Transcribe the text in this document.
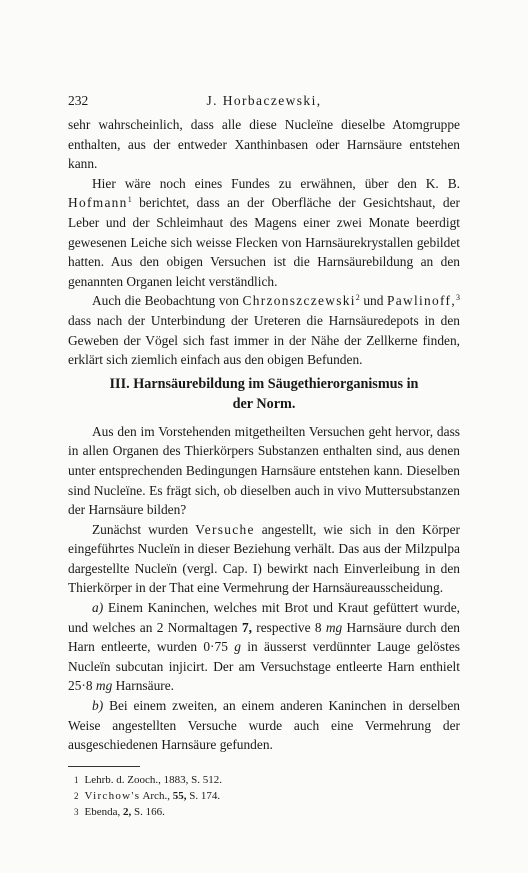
232	J. Horbaczewski,

sehr wahrscheinlich, dass alle diese Nucleïne dieselbe Atomgruppe enthalten, aus der entweder Xanthinbasen oder Harnsäure entstehen kann.

Hier wäre noch eines Fundes zu erwähnen, über den K. B. Hofmann$^1$ berichtet, dass an der Oberfläche der Gesichtshaut, der Leber und der Schleimhaut des Magens einer zwei Monate beerdigt gewesenen Leiche sich weisse Flecken von Harnsäurekrystallen gebildet hatten. Aus den obigen Versuchen ist die Harnsäurebildung an den genannten Organen leicht verständlich.

Auch die Beobachtung von Chrzonszczewski$^2$ und Pawlinoff,$^3$ dass nach der Unterbindung der Ureteren die Harnsäuredepots in den Geweben der Vögel sich fast immer in der Nähe der Zellkerne finden, erklärt sich ziemlich einfach aus den obigen Befunden.

III. Harnsäurebildung im Säugethierorganismus in
der Norm.

Aus den im Vorstehenden mitgetheilten Versuchen geht hervor, dass in allen Organen des Thierkörpers Substanzen enthalten sind, aus denen unter entsprechenden Bedingungen Harnsäure entstehen kann. Dieselben sind Nucleïne. Es frägt sich, ob dieselben auch in vivo Muttersubstanzen der Harnsäure bilden?

Zunächst wurden Versuche angestellt, wie sich in den Körper eingeführtes Nucleïn in dieser Beziehung verhält. Das aus der Milzpulpa dargestellte Nucleïn (vergl. Cap. I) bewirkt nach Einverleibung in den Thierkörper in der That eine Vermehrung der Harnsäureausscheidung.

a) Einem Kaninchen, welches mit Brot und Kraut gefüttert wurde, und welches an 2 Normaltagen 7, respective 8 mg Harnsäure durch den Harn entleerte, wurden 0·75 g in äusserst verdünnter Lauge gelöstes Nucleïn subcutan injicirt. Der am Versuchstage entleerte Harn enthielt 25·8 mg Harnsäure.

b) Bei einem zweiten, an einem anderen Kaninchen in derselben Weise angestellten Versuche wurde auch eine Vermehrung der ausgeschiedenen Harnsäure gefunden.

1 Lehrb. d. Zooch., 1883, S. 512.
2 Virchow's Arch., 55, S. 174.
3 Ebenda, 2, S. 166.
